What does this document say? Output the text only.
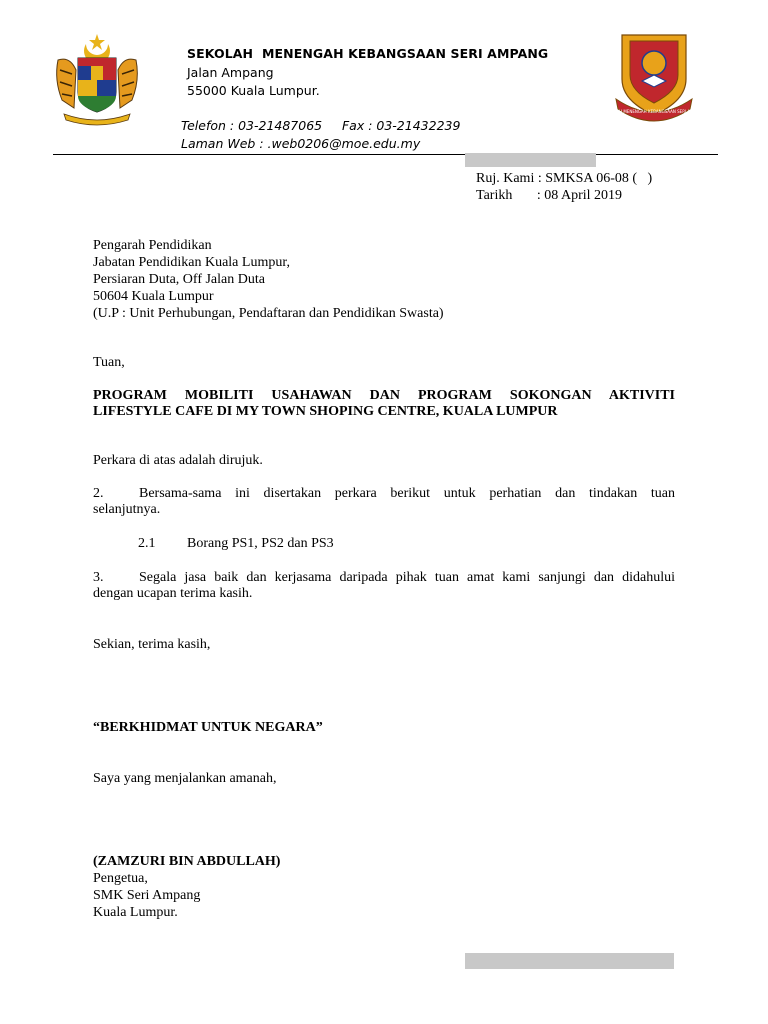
SEKOLAH  MENENGAH KEBANGSAAN SERI AMPANG
Jalan Ampang
55000 Kuala Lumpur.
Telefon : 03-21487065     Fax : 03-21432239
Laman Web : .web0206@moe.edu.my
SEKOLAH MENENGAH KEBANGSAAN SERI AMPANG
Ruj. Kami : SMKSA 06-08 (   )
Tarikh       : 08 April 2019
Pengarah Pendidikan
Jabatan Pendidikan Kuala Lumpur,
Persiaran Duta, Off Jalan Duta
50604 Kuala Lumpur
(U.P : Unit Perhubungan, Pendaftaran dan Pendidikan Swasta)
Tuan,
PROGRAM MOBILITI USAHAWAN DAN PROGRAM SOKONGAN AKTIVITI
LIFESTYLE CAFE DI MY TOWN SHOPING CENTRE, KUALA LUMPUR
Perkara di atas adalah dirujuk.
2.	Bersama-sama ini disertakan perkara berikut untuk perhatian dan tindakan tuan
selanjutnya.
2.1 Borang PS1, PS2 dan PS3
3.	Segala jasa baik dan kerjasama daripada pihak tuan amat kami sanjungi dan didahului
dengan ucapan terima kasih.
Sekian, terima kasih,
“BERKHIDMAT UNTUK NEGARA”
Saya yang menjalankan amanah,
(ZAMZURI BIN ABDULLAH)
Pengetua,
SMK Seri Ampang
Kuala Lumpur.
